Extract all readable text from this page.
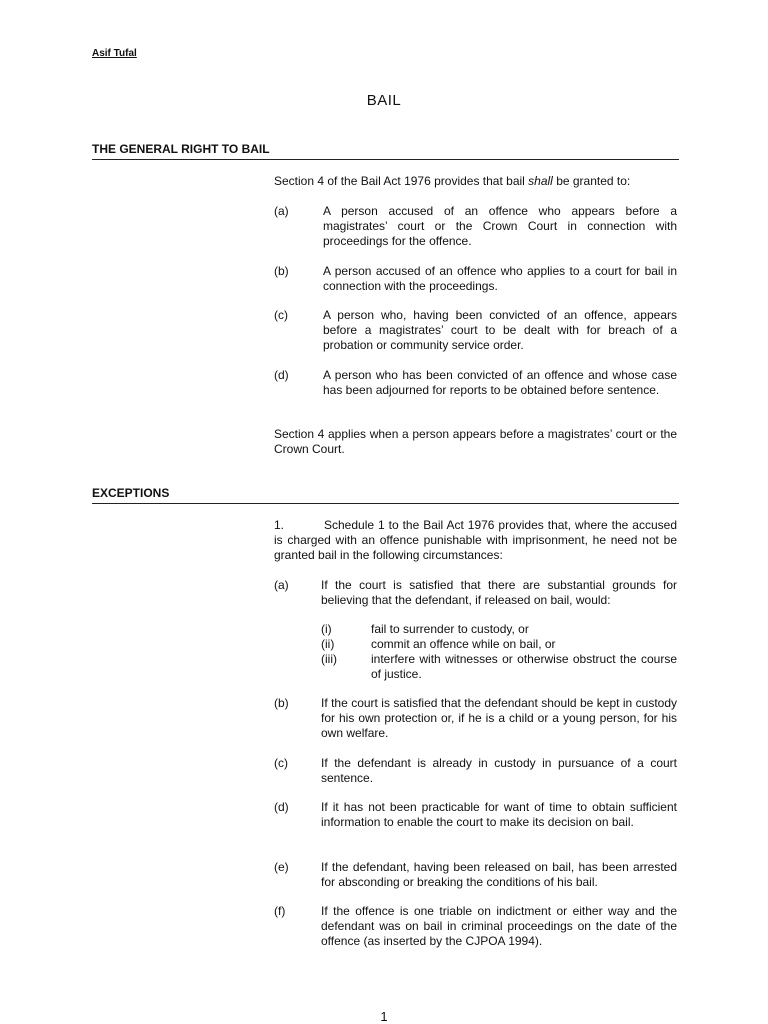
Asif Tufal
BAIL
THE GENERAL RIGHT TO BAIL
Section 4 of the Bail Act 1976 provides that bail shall be granted to:
(a)	A person accused of an offence who appears before a magistrates’ court or the Crown Court in connection with proceedings for the offence.
(b)	A person accused of an offence who applies to a court for bail in connection with the proceedings.
(c)	A person who, having been convicted of an offence, appears before a magistrates’ court to be dealt with for breach of a probation or community service order.
(d)	A person who has been convicted of an offence and whose case has been adjourned for reports to be obtained before sentence.
Section 4 applies when a person appears before a magistrates’ court or the Crown Court.
EXCEPTIONS
1.	Schedule 1 to the Bail Act 1976 provides that, where the accused is charged with an offence punishable with imprisonment, he need not be granted bail in the following circumstances:
(a)	If the court is satisfied that there are substantial grounds for believing that the defendant, if released on bail, would:
(i)	fail to surrender to custody, or
(ii)	commit an offence while on bail, or
(iii)	interfere with witnesses or otherwise obstruct the course of justice.
(b)	If the court is satisfied that the defendant should be kept in custody for his own protection or, if he is a child or a young person, for his own welfare.
(c)	If the defendant is already in custody in pursuance of a court sentence.
(d)	If it has not been practicable for want of time to obtain sufficient information to enable the court to make its decision on bail.
(e)	If the defendant, having been released on bail, has been arrested for absconding or breaking the conditions of his bail.
(f)	If the offence is one triable on indictment or either way and the defendant was on bail in criminal proceedings on the date of the offence (as inserted by the CJPOA 1994).
1
